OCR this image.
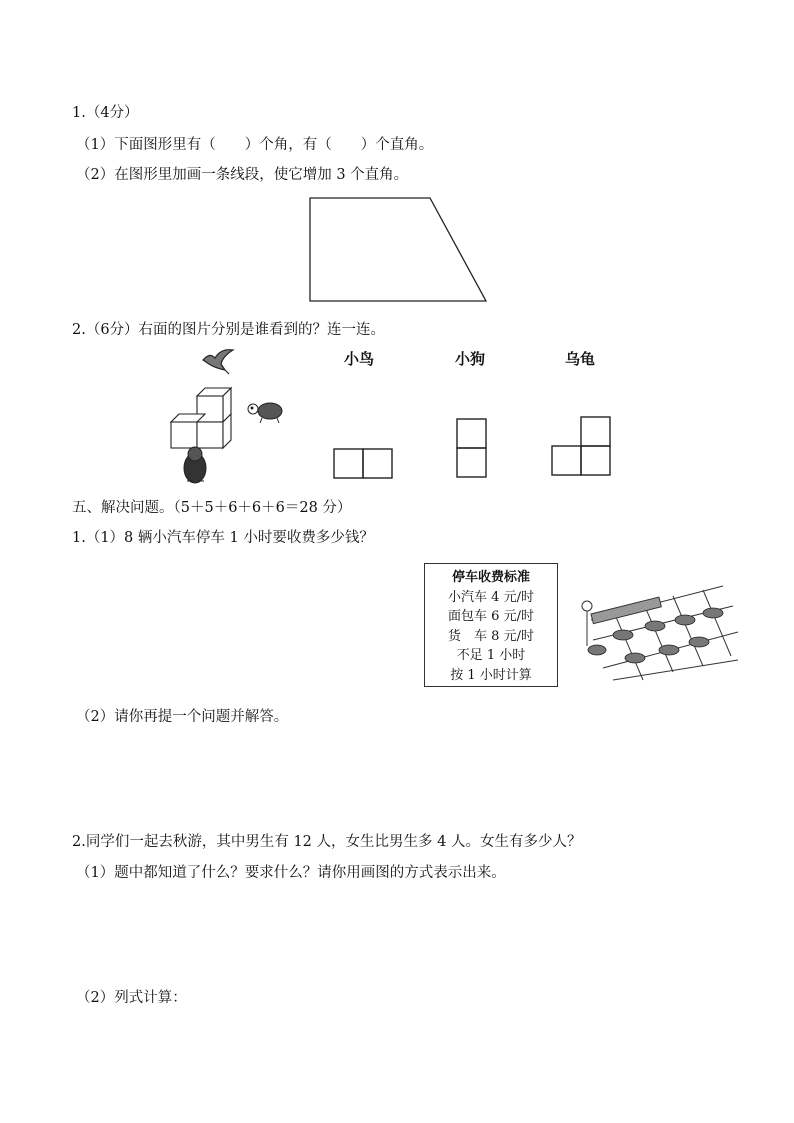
1.（4分）
（1）下面图形里有（　　）个角，有（　　）个直角。
（2）在图形里加画一条线段，使它增加 3 个直角。
2.（6分）右面的图片分别是谁看到的？连一连。
小鸟	小狗	乌龟
五、解决问题。（5＋5＋6＋6＋6＝28 分）
1.（1）8 辆小汽车停车 1 小时要收费多少钱？
停车收费标准
小汽车 4 元/时
面包车 6 元/时
货　车 8 元/时
不足 1 小时
按 1 小时计算
（2）请你再提一个问题并解答。
2.同学们一起去秋游，其中男生有 12 人，女生比男生多 4 人。女生有多少人？
（1）题中都知道了什么？要求什么？请你用画图的方式表示出来。
（2）列式计算：
